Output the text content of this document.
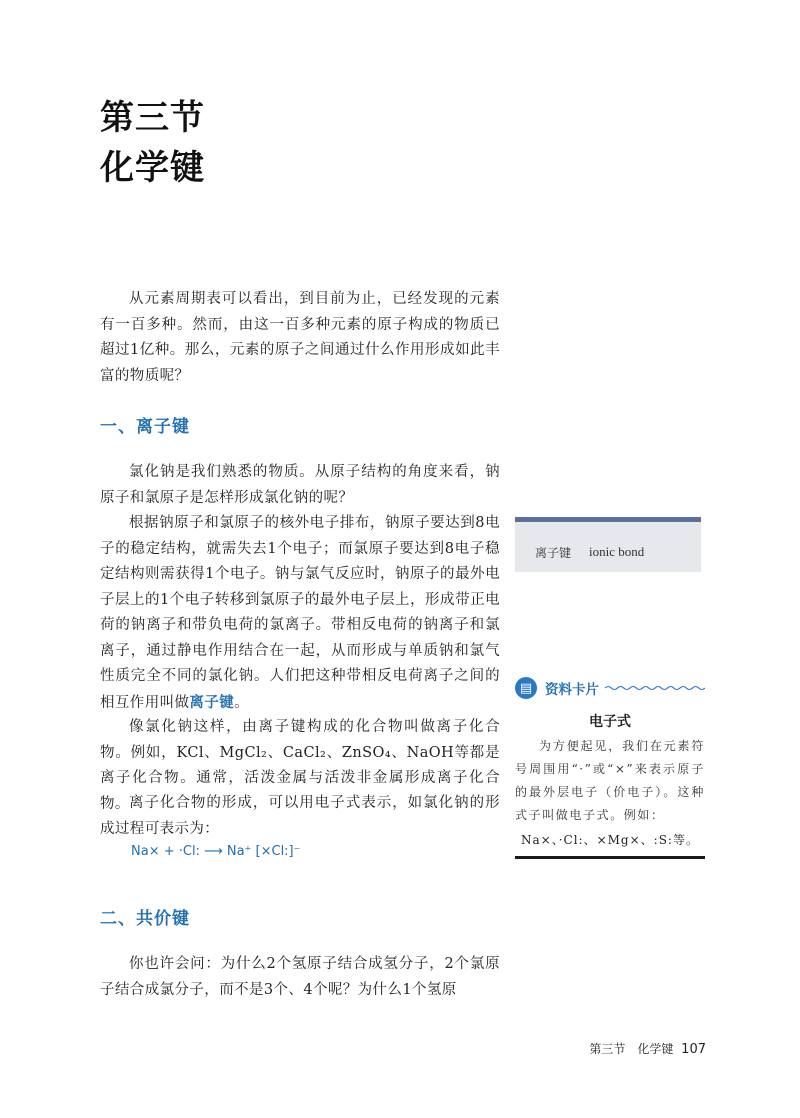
第三节
化学键

从元素周期表可以看出，到目前为止，已经发现的元素有一百多种。然而，由这一百多种元素的原子构成的物质已超过1亿种。那么，元素的原子之间通过什么作用形成如此丰富的物质呢？

一、离子键

氯化钠是我们熟悉的物质。从原子结构的角度来看，钠原子和氯原子是怎样形成氯化钠的呢？

根据钠原子和氯原子的核外电子排布，钠原子要达到8电子的稳定结构，就需失去1个电子；而氯原子要达到8电子稳定结构则需获得1个电子。钠与氯气反应时，钠原子的最外电子层上的1个电子转移到氯原子的最外电子层上，形成带正电荷的钠离子和带负电荷的氯离子。带相反电荷的钠离子和氯离子，通过静电作用结合在一起，从而形成与单质钠和氯气性质完全不同的氯化钠。人们把这种带相反电荷离子之间的相互作用叫做离子键。

像氯化钠这样，由离子键构成的化合物叫做离子化合物。例如，KCl、MgCl₂、CaCl₂、ZnSO₄、NaOH等都是离子化合物。通常，活泼金属与活泼非金属形成离子化合物。 离子化合物的形成，可以用电子式表示，如氯化钠的形成过程可表示为：

Na× + ·Cl: ⟶ Na⁺ [×Cl:]⁻
二、共价键

你也许会问：为什么2个氢原子结合成氢分子，2个氯原子结合成氯分子，而不是3个、4个呢？为什么1个氢原

离子键 ionic bond
▤ 资料卡片
电子式

为方便起见，我们在元素符号周围用“·”或“×”来表示原子的最外层电子（价电子）。这种式子叫做电子式。例如：

Na×、·Cl:、×Mg×、:S:等。
第三节　化学键 107
